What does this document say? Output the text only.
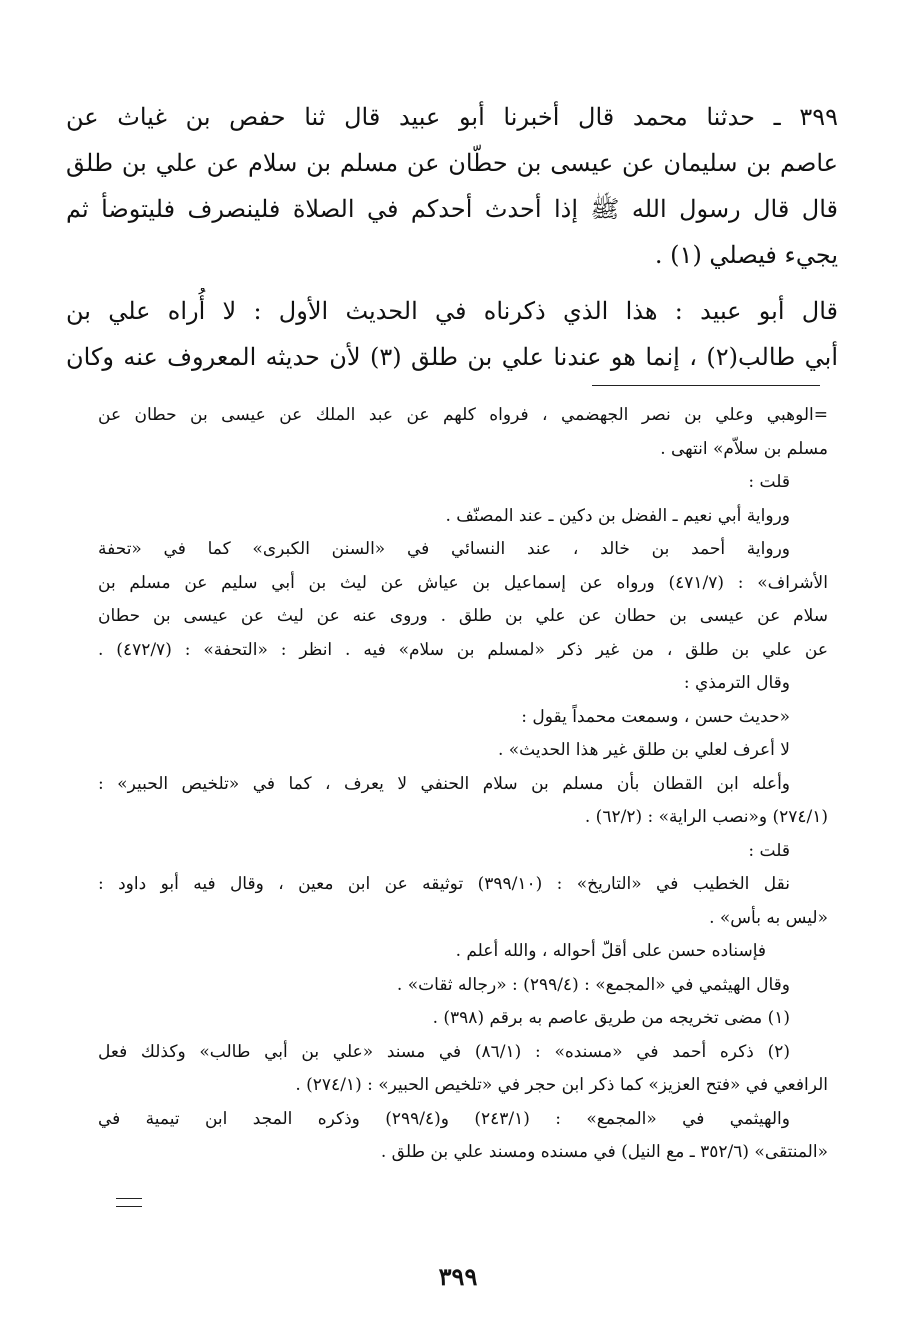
٣٩٩ ـ حدثنا محمد قال أخبرنا أبو عبيد قال ثنا حفص بن غياث عن
عاصم بن سليمان عن عيسى بن حطّان عن مسلم بن سلام عن علي بن طلق
قال قال رسول الله ﷺ إذا أحدث أحدكم في الصلاة فلينصرف فليتوضأ ثم
يجيء فيصلي (١) .
قال أبو عبيد : هذا الذي ذكرناه في الحديث الأول : لا أُراه علي بن
أبي طالب(٢) ، إنما هو عندنا علي بن طلق (٣) لأن حديثه المعروف عنه وكان
=الوهبي وعلي بن نصر الجهضمي ، فرواه كلهم عن عبد الملك عن عيسى بن حطان عن
مسلم بن سلاّم» انتهى .
قلت :
ورواية أبي نعيم ـ الفضل بن دكين ـ عند المصنّف .
ورواية أحمد بن خالد ، عند النسائي في «السنن الكبرى» كما في «تحفة
الأشراف» : (٤٧١/٧) ورواه عن إسماعيل بن عياش عن ليث بن أبي سليم عن مسلم بن
سلام عن عيسى بن حطان عن علي بن طلق . وروى عنه عن ليث عن عيسى بن حطان
عن علي بن طلق ، من غير ذكر «لمسلم بن سلام» فيه . انظر : «التحفة» : (٤٧٢/٧) .
وقال الترمذي :
«حديث حسن ، وسمعت محمداً يقول :
لا أعرف لعلي بن طلق غير هذا الحديث» .
وأعله ابن القطان بأن مسلم بن سلام الحنفي لا يعرف ، كما في «تلخيص الحبير» :
(٢٧٤/١) و«نصب الراية» : (٦٢/٢) .
قلت :
نقل الخطيب في «التاريخ» : (٣٩٩/١٠) توثيقه عن ابن معين ، وقال فيه أبو داود :
«ليس به بأس» .
فإسناده حسن على أقلّ أحواله ، والله أعلم .
وقال الهيثمي في «المجمع» : (٢٩٩/٤) : «رجاله ثقات» .
(١) مضى تخريجه من طريق عاصم به برقم (٣٩٨) .
(٢) ذكره أحمد في «مسنده» : (٨٦/١) في مسند «علي بن أبي طالب» وكذلك فعل
الرافعي في «فتح العزيز» كما ذكر ابن حجر في «تلخيص الحبير» : (٢٧٤/١) .
والهيثمي في «المجمع» : (٢٤٣/١) و(٢٩٩/٤) وذكره المجد ابن تيمية في
«المنتقى» (٣٥٢/٦ ـ مع النيل) في مسنده ومسند علي بن طلق .
٣٩٩
